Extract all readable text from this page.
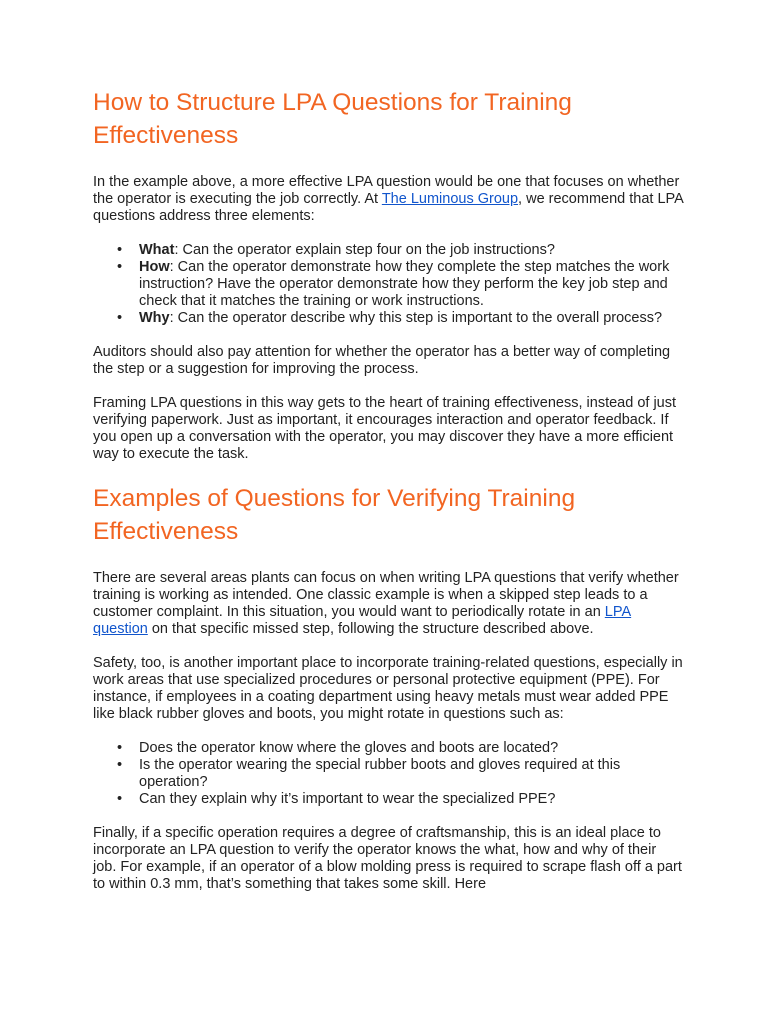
How to Structure LPA Questions for Training Effectiveness

In the example above, a more effective LPA question would be one that focuses on whether the operator is executing the job correctly. At The Luminous Group, we recommend that LPA questions address three elements:

• What: Can the operator explain step four on the job instructions?
• How: Can the operator demonstrate how they complete the step matches the work instruction? Have the operator demonstrate how they perform the key job step and check that it matches the training or work instructions.
• Why: Can the operator describe why this step is important to the overall process?

Auditors should also pay attention for whether the operator has a better way of completing the step or a suggestion for improving the process.

Framing LPA questions in this way gets to the heart of training effectiveness, instead of just verifying paperwork. Just as important, it encourages interaction and operator feedback. If you open up a conversation with the operator, you may discover they have a more efficient way to execute the task.

Examples of Questions for Verifying Training Effectiveness

There are several areas plants can focus on when writing LPA questions that verify whether training is working as intended. One classic example is when a skipped step leads to a customer complaint. In this situation, you would want to periodically rotate in an LPA question on that specific missed step, following the structure described above.

Safety, too, is another important place to incorporate training-related questions, especially in work areas that use specialized procedures or personal protective equipment (PPE). For instance, if employees in a coating department using heavy metals must wear added PPE like black rubber gloves and boots, you might rotate in questions such as:

• Does the operator know where the gloves and boots are located?
• Is the operator wearing the special rubber boots and gloves required at this operation?
• Can they explain why it’s important to wear the specialized PPE?

Finally, if a specific operation requires a degree of craftsmanship, this is an ideal place to incorporate an LPA question to verify the operator knows the what, how and why of their job. For example, if an operator of a blow molding press is required to scrape flash off a part to within 0.3 mm, that’s something that takes some skill. Here
